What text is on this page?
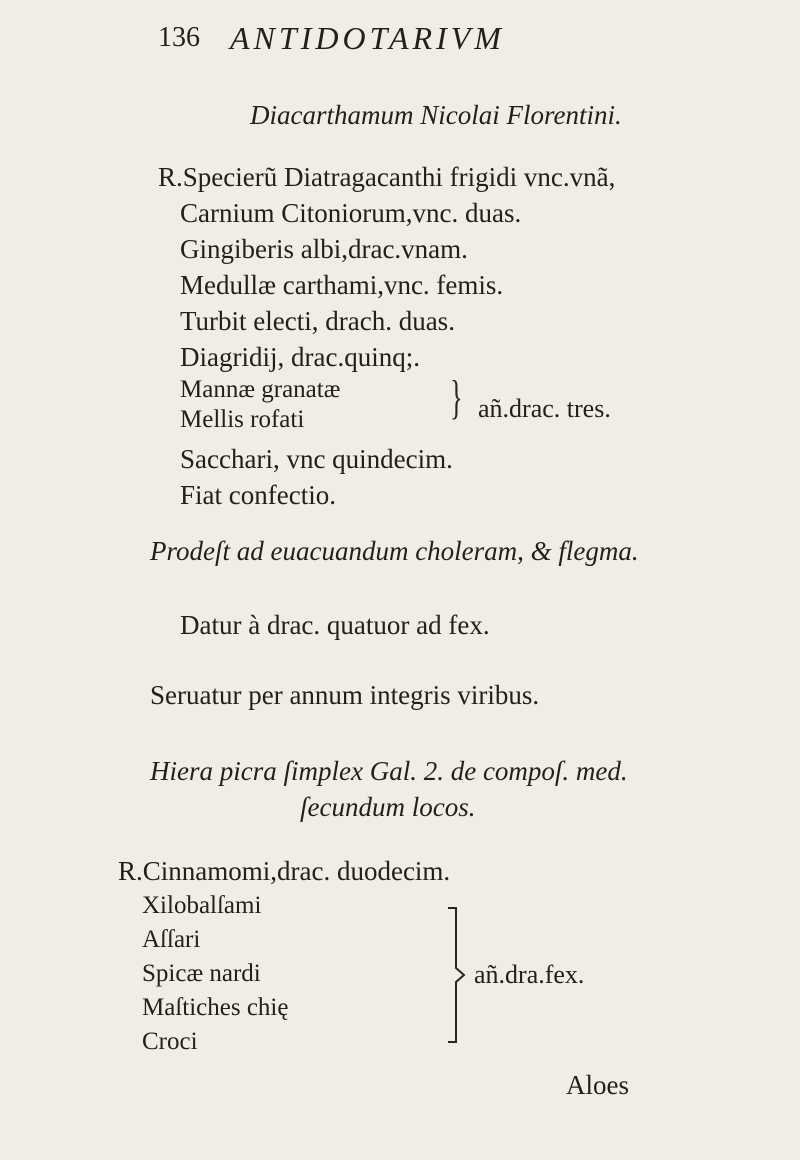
136 ANTIDOTARIVM
Diacarthamum Nicolai Florentini.
R.Specierũ Diatragacanthi frigidi vnc.vnã,
Carnium Citoniorum,vnc. duas.
Gingiberis albi,drac.vnam.
Medullæ carthami,vnc. femis.
Turbit electi, drach. duas.
Diagridij, drac.quinq;.
Mannæ granatæ
Mellis rofati	} añ.drac. tres.
Sacchari, vnc quindecim.
Fiat confectio.
Prodeſt ad euacuandum choleram, & flegma.
Datur à drac. quatuor ad fex.
Seruatur per annum integris viribus.
Hiera picra ſimplex Gal. 2. de compoſ. med.
ſecundum locos.
R.Cinnamomi,drac. duodecim.
Xilobalſami
Aſſari
Spicæ nardi
Maſtiches chię
Croci
añ.dra.fex.
Aloes
